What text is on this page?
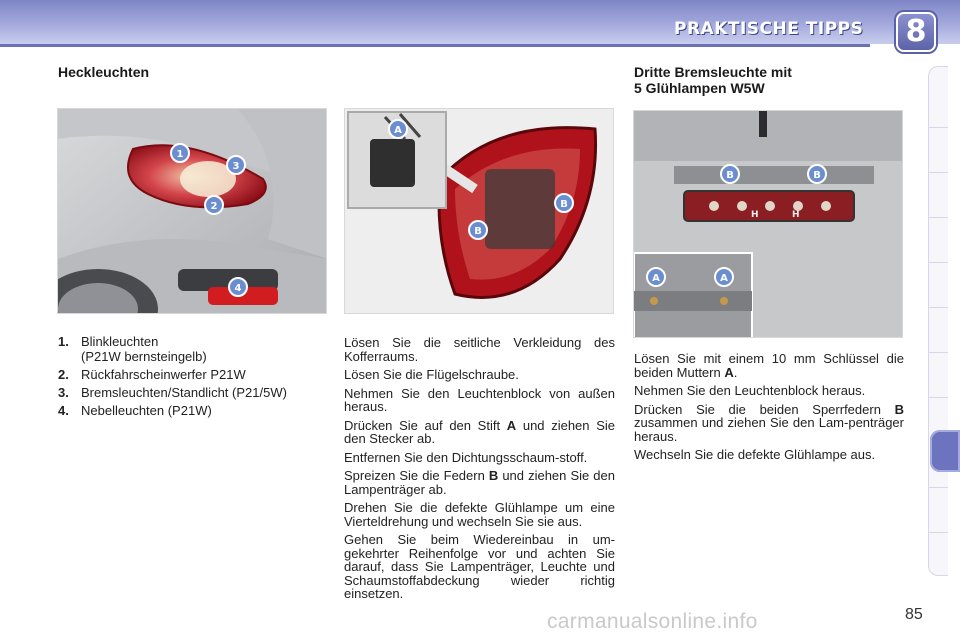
PRAKTISCHE TIPPS	8
Heckleuchten	Dritte Bremsleuchte mit
5 Glühlampen W5W
1
3
2
4
A
B
B
H	H
B	B
A	A
1. Blinkleuchten
(P21W bernsteingelb)
2. Rückfahrscheinwerfer P21W
3. Bremsleuchten/Standlicht (P21/5W)
4. Nebelleuchten (P21W)

Lösen Sie die seitliche Verkleidung des Kofferraums.

Lösen Sie die Flügelschraube.

Nehmen Sie den Leuchtenblock von außen heraus.

Drücken Sie auf den Stift A und ziehen Sie den Stecker ab.

Entfernen Sie den Dichtungsschaum-stoff.

Spreizen Sie die Federn B und ziehen Sie den Lampenträger ab.

Drehen Sie die defekte Glühlampe um eine Vierteldrehung und wechseln Sie sie aus.

Gehen Sie beim Wiedereinbau in um-gekehrter Reihenfolge vor und achten Sie darauf, dass Sie Lampenträger, Leuchte und Schaumstoffabdeckung wieder richtig einsetzen.

Lösen Sie mit einem 10 mm Schlüssel die beiden Muttern A.

Nehmen Sie den Leuchtenblock heraus.

Drücken Sie die beiden Sperrfedern B zusammen und ziehen Sie den Lam-penträger heraus.

Wechseln Sie die defekte Glühlampe aus.

carmanualsonline.info	85
